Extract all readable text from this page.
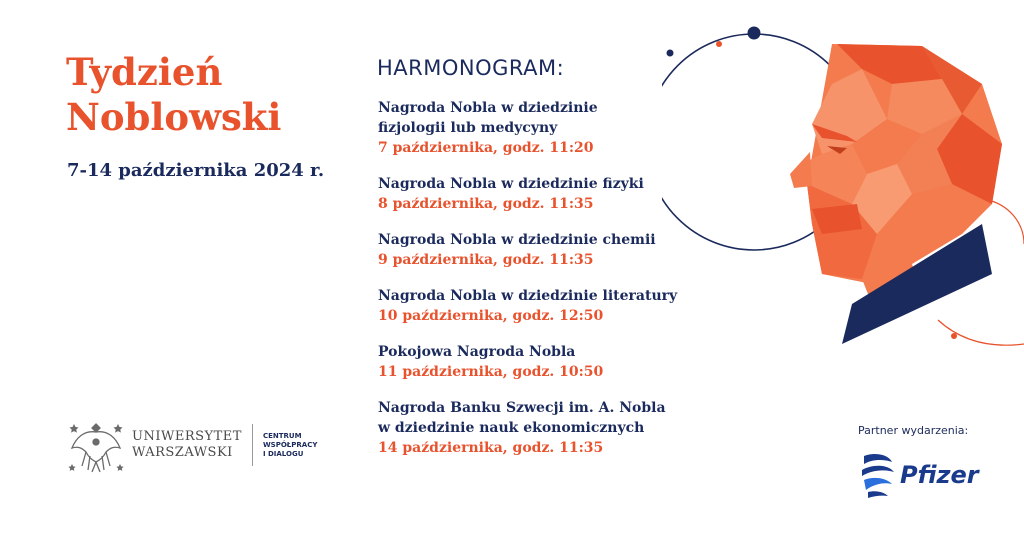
Tydzień
Noblowski
7-14 października 2024 r.
HARMONOGRAM:
Nagroda Nobla w dziedzinie
fizjologii lub medycyny
7 października, godz. 11:20
Nagroda Nobla w dziedzinie fizyki
8 października, godz. 11:35
Nagroda Nobla w dziedzinie chemii
9 października, godz. 11:35
Nagroda Nobla w dziedzinie literatury
10 października, godz. 12:50
Pokojowa Nagroda Nobla
11 października, godz. 10:50
Nagroda Banku Szwecji im. A. Nobla
w dziedzinie nauk ekonomicznych
14 października, godz. 11:35
UNIWERSYTET
WARSZAWSKI
CENTRUM
WSPÓŁPRACY
I DIALOGU
Partner wydarzenia:
Pfizer
